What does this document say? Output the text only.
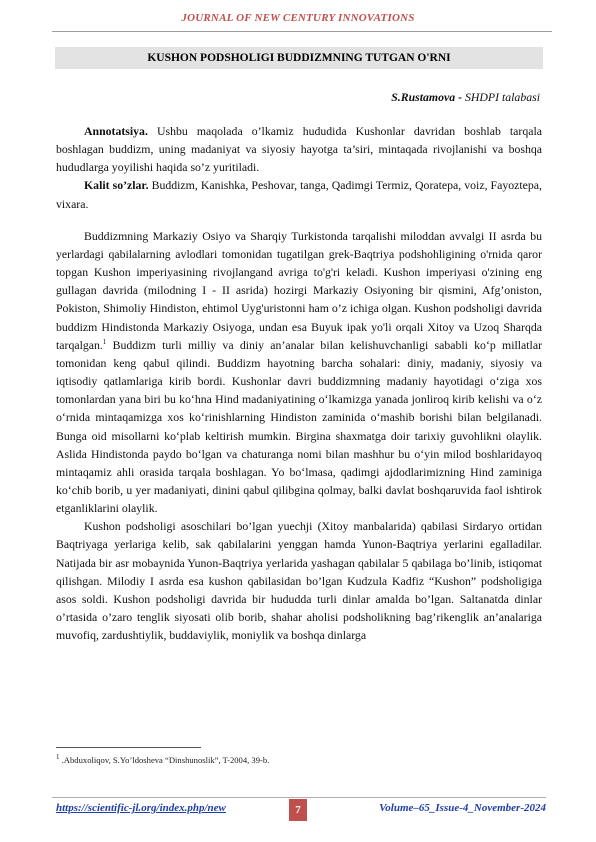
JOURNAL OF NEW CENTURY INNOVATIONS
KUSHON PODSHOLIGI BUDDIZMNING TUTGAN O'RNI
S.Rustamova - SHDPI talabasi

Annotatsiya. Ushbu maqolada o’lkamiz hududida Kushonlar davridan boshlab tarqala boshlagan buddizm, uning madaniyat va siyosiy hayotga ta’siri, mintaqada rivojlanishi va boshqa hududlarga yoyilishi haqida so’z yuritiladi.

Kalit so’zlar. Buddizm, Kanishka, Peshovar, tanga, Qadimgi Termiz, Qoratepa, voiz, Fayoztepa, vixara.

Buddizmning Markaziy Osiyo va Sharqiy Turkistonda tarqalishi miloddan avvalgi II asrda bu yerlardagi qabilalarning avlodlari tomonidan tugatilgan grek-Baqtriya podshohligining o'rnida qaror topgan Kushon imperiyasining rivojlangand avriga to'g'ri keladi. Kushon imperiyasi o'zining eng gullagan davrida (milodning I - II asrida) hozirgi Markaziy Osiyoning bir qismini, Afg’oniston, Pokiston, Shimoliy Hindiston, ehtimol Uyg'uristonni ham o’z ichiga olgan. Kushon podsholigi davrida buddizm Hindistonda Markaziy Osiyoga, undan esa Buyuk ipak yo'li orqali Xitoy va Uzoq Sharqda tarqalgan.$^1$ Buddizm turli milliy va diniy an’analar bilan kelishuvchanligi sababli ko‘p millatlar tomonidan keng qabul qilindi. Buddizm hayotning barcha sohalari: diniy, madaniy, siyosiy va iqtisodiy qatlamlariga kirib bordi. Kushonlar davri buddizmning madaniy hayotidagi o‘ziga xos tomonlardan yana biri bu ko‘hna Hind madaniyatining o‘lkamizga yanada jonliroq kirib kelishi va o‘z o‘rnida mintaqamizga xos ko‘rinishlarning Hindiston zaminida o‘mashib borishi bilan belgilanadi. Bunga oid misollarni ko‘plab keltirish mumkin. Birgina shaxmatga doir tarixiy guvohlikni olaylik. Aslida Hindistonda paydo bo‘lgan va chaturanga nomi bilan mashhur bu o‘yin milod boshlaridayoq mintaqamiz ahli orasida tarqala boshlagan. Yo bo‘lmasa, qadimgi ajdodlarimizning Hind zaminiga ko‘chib borib, u yer madaniyati, dinini qabul qilibgina qolmay, balki davlat boshqaruvida faol ishtirok etganliklarini olaylik.

Kushon podsholigi asoschilari bo’lgan yuechji (Xitoy manbalarida) qabilasi Sirdaryo ortidan Baqtriyaga yerlariga kelib, sak qabilalarini yenggan hamda Yunon-Baqtriya yerlarini egalladilar. Natijada bir asr mobaynida Yunon-Baqtriya yerlarida yashagan qabilalar 5 qabilaga bo’linib, istiqomat qilishgan. Milodiy I asrda esa kushon qabilasidan bo’lgan Kudzula Kadfiz “Kushon” podsholigiga asos soldi. Kushon podsholigi davrida bir hududda turli dinlar amalda bo’lgan. Saltanatda dinlar o’rtasida o’zaro tenglik siyosati olib borib, shahar aholisi podsholikning bag’rikenglik an’analariga muvofiq, zardushtiylik, buddaviylik, moniylik va boshqa dinlarga

$^1$ .Abduxoliqov, S.Yo’ldosheva “Dinshunoslik”, T-2004, 39-b.
https://scientific-jl.org/index.php/new	7	Volume–65_Issue-4_November-2024
